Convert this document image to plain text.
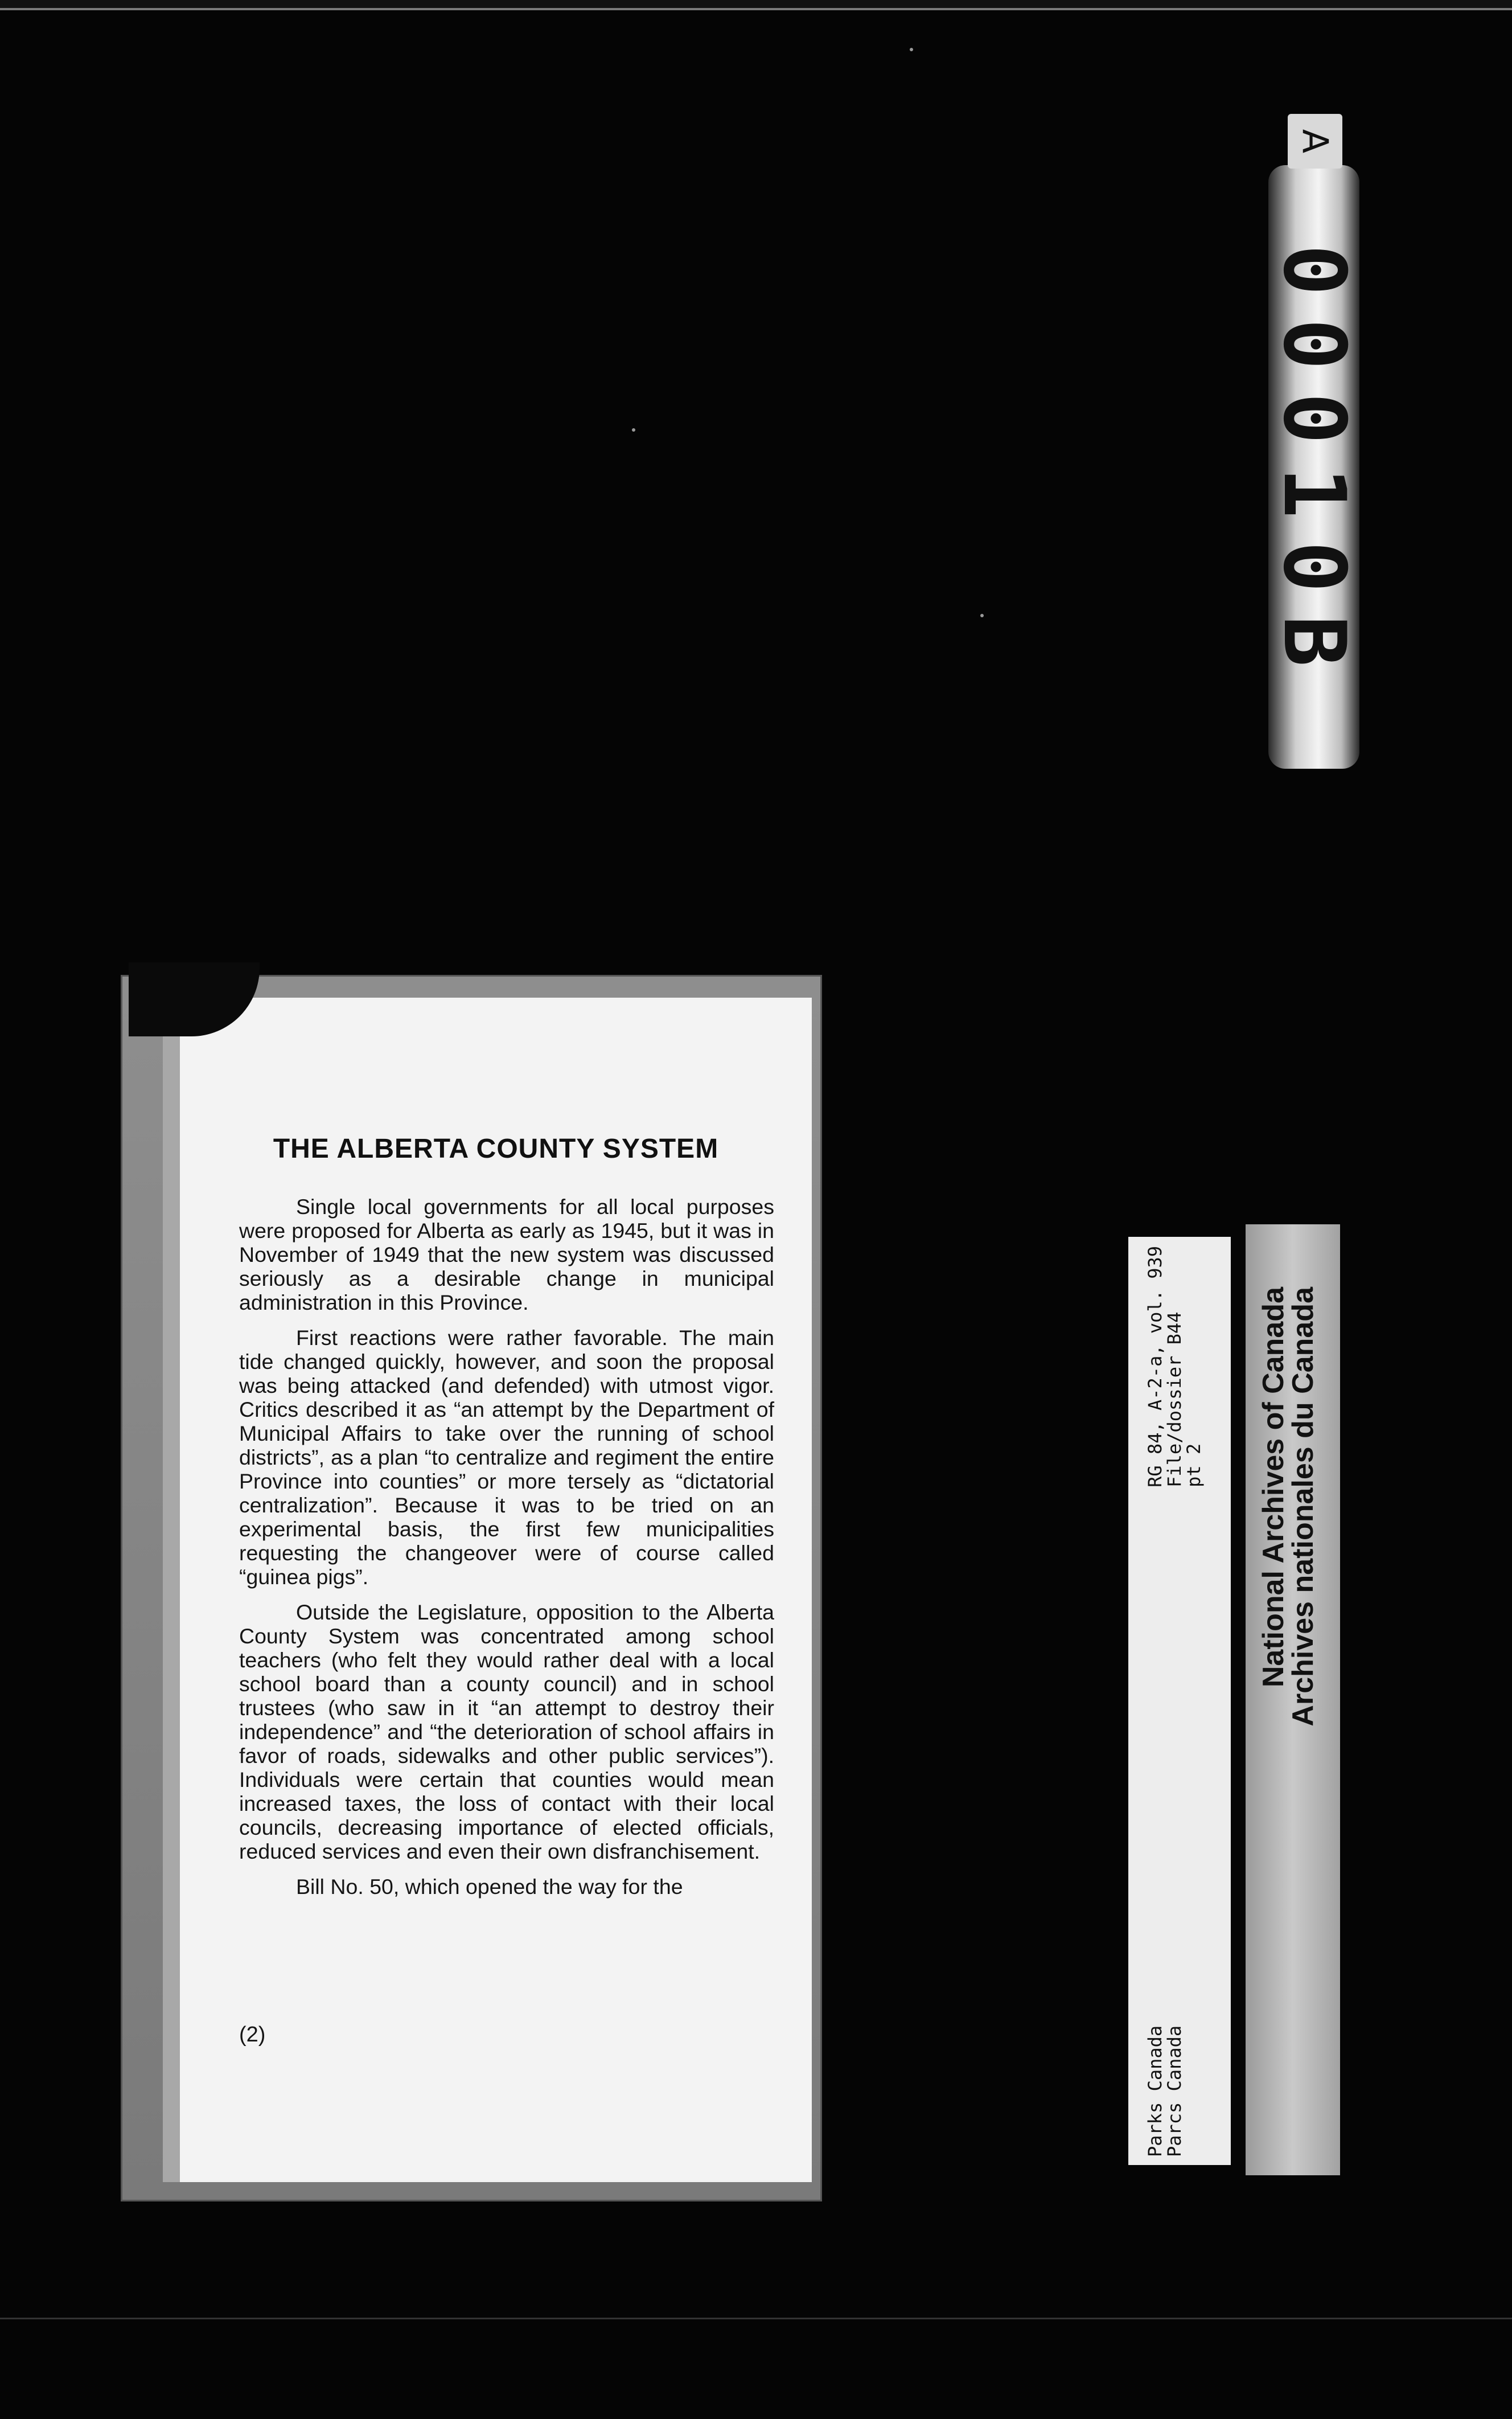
00010B
A
THE ALBERTA COUNTY SYSTEM

Single local governments for all local purposes were proposed for Alberta as early as 1945, but it was in November of 1949 that the new system was discussed seriously as a desirable change in municipal administration in this Province.

First reactions were rather favorable. The main tide changed quickly, however, and soon the proposal was being attacked (and defended) with utmost vigor. Critics described it as “an attempt by the Department of Municipal Affairs to take over the running of school districts”, as a plan “to centralize and regiment the entire Province into counties” or more tersely as “dictatorial centralization”. Because it was to be tried on an experimental basis, the first few municipalities requesting the changeover were of course called “guinea pigs”.

Outside the Legislature, opposition to the Alberta County System was concentrated among school teachers (who felt they would rather deal with a local school board than a county council) and in school trustees (who saw in it “an attempt to destroy their independence” and “the deterioration of school affairs in favor of roads, sidewalks and other public services”). Individuals were certain that counties would mean increased taxes, the loss of contact with their local councils, decreasing importance of elected officials, reduced services and even their own disfranchisement.

Bill No. 50, which opened the way for the

(2)	Parks Canada
Parcs Canada
RG 84, A-2-a, vol. 939
File/dossier B44
pt 2 National Archives of Canada
Archives nationales du Canada
